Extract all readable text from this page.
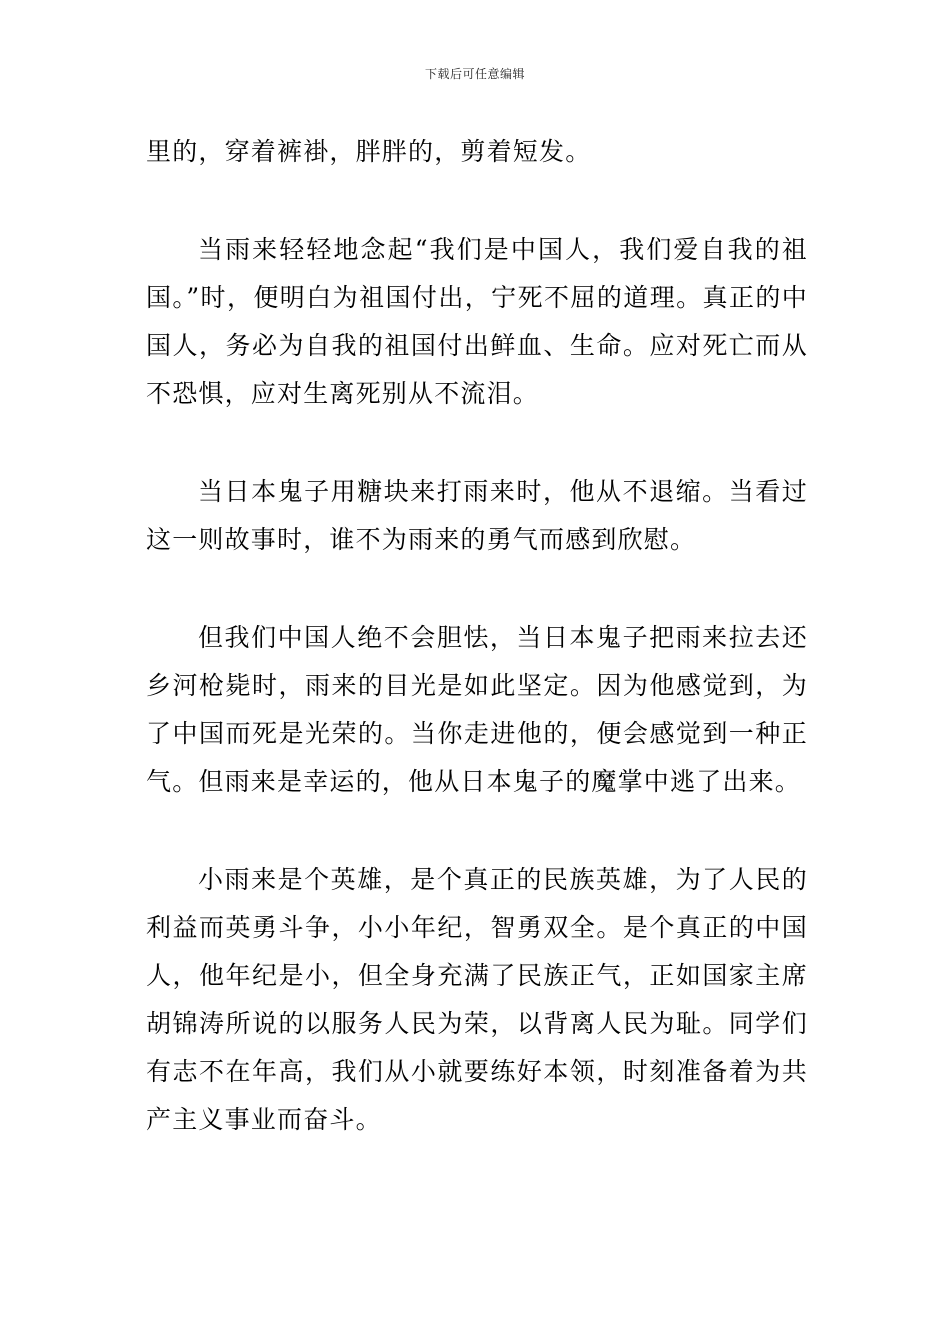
下载后可任意编辑

里的，穿着裤褂，胖胖的，剪着短发。

当雨来轻轻地念起“我们是中国人，我们爱自我的祖国。”时，便明白为祖国付出，宁死不屈的道理。真正的中国人，务必为自我的祖国付出鲜血、生命。应对死亡而从不恐惧，应对生离死别从不流泪。

当日本鬼子用糖块来打雨来时，他从不退缩。当看过这一则故事时，谁不为雨来的勇气而感到欣慰。

但我们中国人绝不会胆怯，当日本鬼子把雨来拉去还乡河枪毙时，雨来的目光是如此坚定。因为他感觉到，为了中国而死是光荣的。当你走进他的，便会感觉到一种正气。但雨来是幸运的，他从日本鬼子的魔掌中逃了出来。

小雨来是个英雄，是个真正的民族英雄，为了人民的利益而英勇斗争，小小年纪，智勇双全。是个真正的中国人，他年纪是小，但全身充满了民族正气，正如国家主席胡锦涛所说的以服务人民为荣，以背离人民为耻。同学们有志不在年高，我们从小就要练好本领，时刻准备着为共产主义事业而奋斗。
